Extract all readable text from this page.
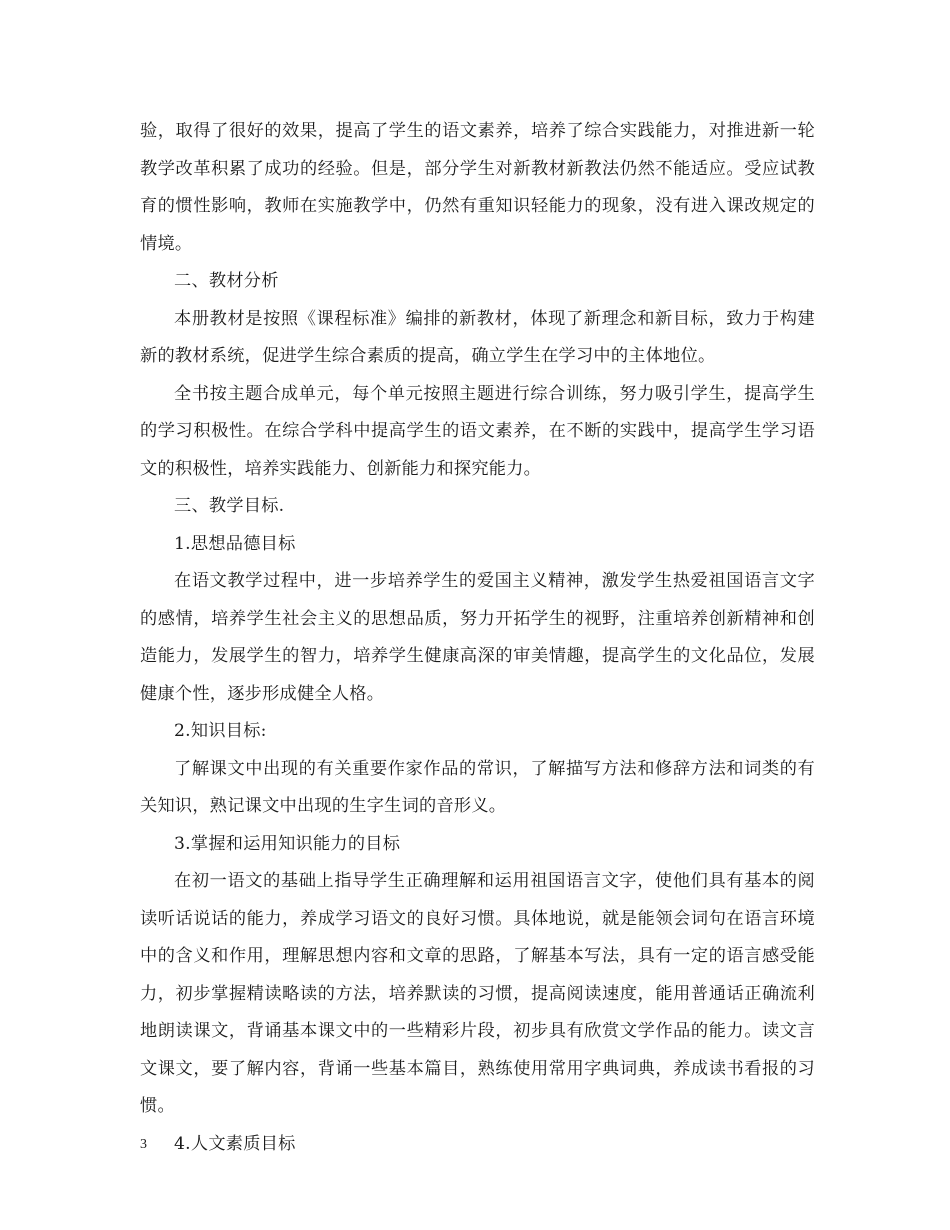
验，取得了很好的效果，提高了学生的语文素养，培养了综合实践能力，对推进新一轮教学改革积累了成功的经验。但是，部分学生对新教材新教法仍然不能适应。受应试教育的惯性影响，教师在实施教学中，仍然有重知识轻能力的现象，没有进入课改规定的情境。

二、教材分析

本册教材是按照《课程标准》编排的新教材，体现了新理念和新目标，致力于构建新的教材系统，促进学生综合素质的提高，确立学生在学习中的主体地位。

全书按主题合成单元，每个单元按照主题进行综合训练，努力吸引学生，提高学生的学习积极性。在综合学科中提高学生的语文素养，在不断的实践中，提高学生学习语文的积极性，培养实践能力、创新能力和探究能力。

三、教学目标.

1.思想品德目标

在语文教学过程中，进一步培养学生的爱国主义精神，激发学生热爱祖国语言文字的感情，培养学生社会主义的思想品质，努力开拓学生的视野，注重培养创新精神和创造能力，发展学生的智力，培养学生健康高深的审美情趣，提高学生的文化品位，发展健康个性，逐步形成健全人格。

2.知识目标:

了解课文中出现的有关重要作家作品的常识，了解描写方法和修辞方法和词类的有关知识，熟记课文中出现的生字生词的音形义。

3.掌握和运用知识能力的目标

在初一语文的基础上指导学生正确理解和运用祖国语言文字，使他们具有基本的阅读听话说话的能力，养成学习语文的良好习惯。具体地说，就是能领会词句在语言环境中的含义和作用，理解思想内容和文章的思路，了解基本写法，具有一定的语言感受能力，初步掌握精读略读的方法，培养默读的习惯，提高阅读速度，能用普通话正确流利地朗读课文，背诵基本课文中的一些精彩片段，初步具有欣赏文学作品的能力。读文言文课文，要了解内容，背诵一些基本篇目，熟练使用常用字典词典，养成读书看报的习惯。

4.人文素质目标

3
